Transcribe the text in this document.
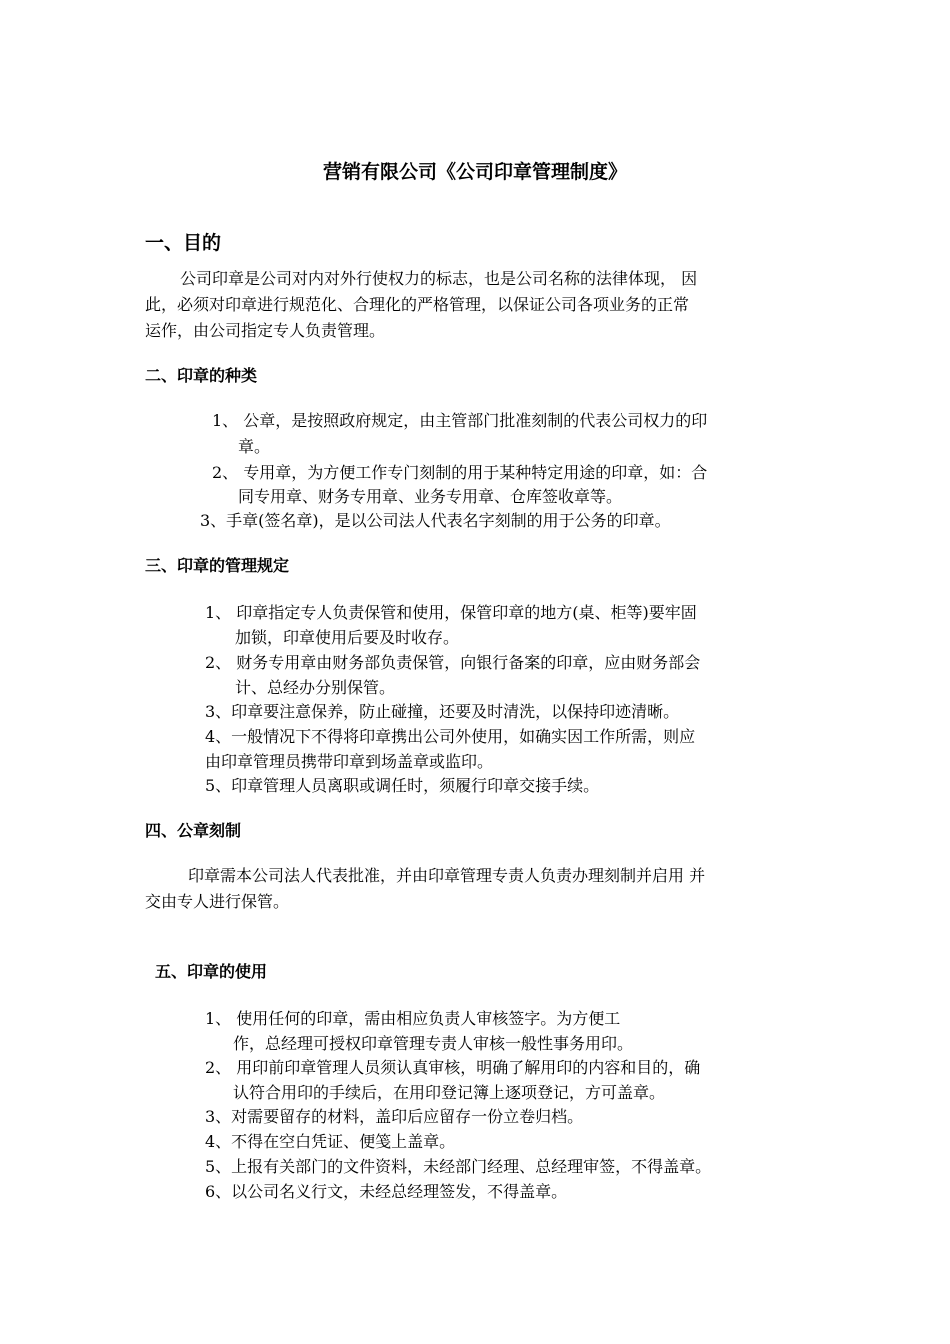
营销有限公司《公司印章管理制度》
一、目的
公司印章是公司对内对外行使权力的标志，也是公司名称的法律体现， 因
此，必须对印章进行规范化、合理化的严格管理，以保证公司各项业务的正常
运作，由公司指定专人负责管理。
二、印章的种类
1、 公章，是按照政府规定，由主管部门批准刻制的代表公司权力的印
章。
2、 专用章，为方便工作专门刻制的用于某种特定用途的印章，如：合
同专用章、财务专用章、业务专用章、仓库签收章等。
3、手章(签名章)，是以公司法人代表名字刻制的用于公务的印章。
三、印章的管理规定
1、 印章指定专人负责保管和使用，保管印章的地方(桌、柜等)要牢固
加锁，印章使用后要及时收存。
2、 财务专用章由财务部负责保管，向银行备案的印章，应由财务部会
计、总经办分别保管。
3、印章要注意保养，防止碰撞，还要及时清洗，以保持印迹清晰。
4、一般情况下不得将印章携出公司外使用，如确实因工作所需，则应
由印章管理员携带印章到场盖章或监印。
5、印章管理人员离职或调任时，须履行印章交接手续。
四、公章刻制
印章需本公司法人代表批准，并由印章管理专责人负责办理刻制并启用 并
交由专人进行保管。
五、印章的使用
1、 使用任何的印章，需由相应负责人审核签字。为方便工
作，总经理可授权印章管理专责人审核一般性事务用印。
2、 用印前印章管理人员须认真审核，明确了解用印的内容和目的，确
认符合用印的手续后，在用印登记簿上逐项登记，方可盖章。
3、对需要留存的材料，盖印后应留存一份立卷归档。
4、不得在空白凭证、便笺上盖章。
5、上报有关部门的文件资料，未经部门经理、总经理审签，不得盖章。
6、以公司名义行文，未经总经理签发，不得盖章。
